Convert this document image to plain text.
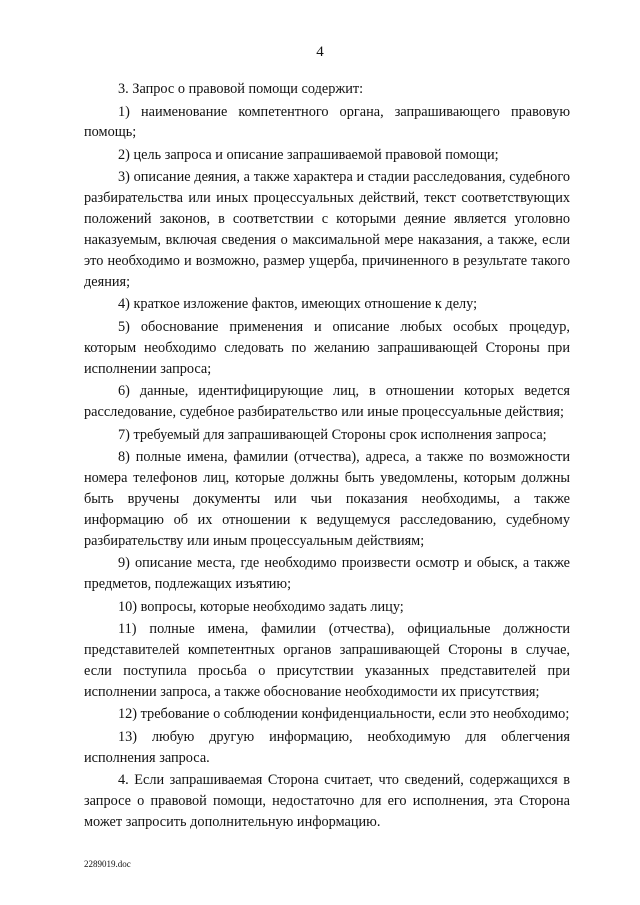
4

3. Запрос о правовой помощи содержит:

1) наименование компетентного органа, запрашивающего правовую помощь;

2) цель запроса и описание запрашиваемой правовой помощи;

3) описание деяния, а также характера и стадии расследования, судебного разбирательства или иных процессуальных действий, текст соответствующих положений законов, в соответствии с которыми деяние является уголовно наказуемым, включая сведения о максимальной мере наказания, а также, если это необходимо и возможно, размер ущерба, причиненного в результате такого деяния;

4) краткое изложение фактов, имеющих отношение к делу;

5) обоснование применения и описание любых особых процедур, которым необходимо следовать по желанию запрашивающей Стороны при исполнении запроса;

6) данные, идентифицирующие лиц, в отношении которых ведется расследование, судебное разбирательство или иные процессуальные действия;

7) требуемый для запрашивающей Стороны срок исполнения запроса;

8) полные имена, фамилии (отчества), адреса, а также по возможности номера телефонов лиц, которые должны быть уведомлены, которым должны быть вручены документы или чьи показания необходимы, а также информацию об их отношении к ведущемуся расследованию, судебному разбирательству или иным процессуальным действиям;

9) описание места, где необходимо произвести осмотр и обыск, а также предметов, подлежащих изъятию;

10) вопросы, которые необходимо задать лицу;

11) полные имена, фамилии (отчества), официальные должности представителей компетентных органов запрашивающей Стороны в случае, если поступила просьба о присутствии указанных представителей при исполнении запроса, а также обоснование необходимости их присутствия;

12) требование о соблюдении конфиденциальности, если это необходимо;

13) любую другую информацию, необходимую для облегчения исполнения запроса.

4. Если запрашиваемая Сторона считает, что сведений, содержащихся в запросе о правовой помощи, недостаточно для его исполнения, эта Сторона может запросить дополнительную информацию.

2289019.doc
